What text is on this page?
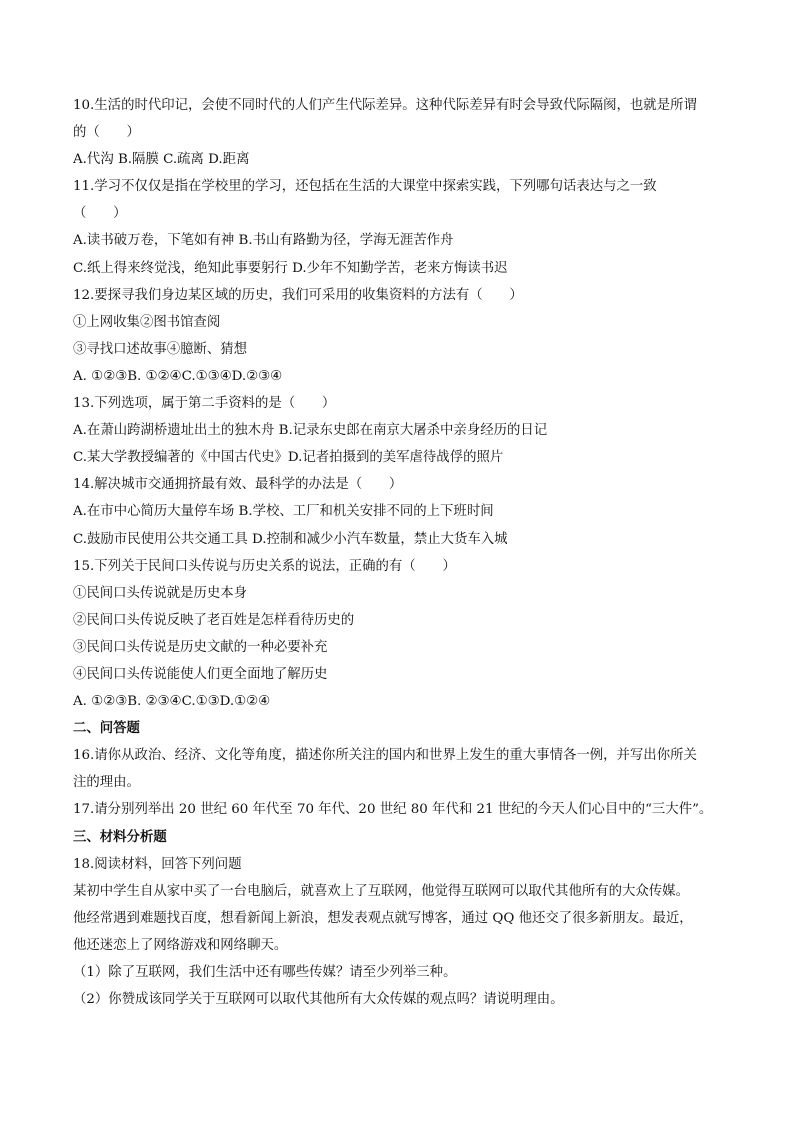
10.生活的时代印记，会使不同时代的人们产生代际差异。这种代际差异有时会导致代际隔阂，也就是所谓
的（　　）
A.代沟 B.隔膜 C.疏离 D.距离
11.学习不仅仅是指在学校里的学习，还包括在生活的大课堂中探索实践，下列哪句话表达与之一致
（　　）
A.读书破万卷，下笔如有神 B.书山有路勤为径，学海无涯苦作舟
C.纸上得来终觉浅，绝知此事要躬行 D.少年不知勤学苦，老来方悔读书迟
12.要探寻我们身边某区域的历史，我们可采用的收集资料的方法有（　　）
①上网收集②图书馆查阅
③寻找口述故事④臆断、猜想
A. ①②③B. ①②④C.①③④D.②③④
13.下列选项，属于第二手资料的是（　　）
A.在萧山跨湖桥遗址出土的独木舟 B.记录东史郎在南京大屠杀中亲身经历的日记
C.某大学教授编著的《中国古代史》D.记者拍摄到的美军虐待战俘的照片
14.解决城市交通拥挤最有效、最科学的办法是（　　）
A.在市中心简历大量停车场 B.学校、工厂和机关安排不同的上下班时间
C.鼓励市民使用公共交通工具 D.控制和减少小汽车数量，禁止大货车入城
15.下列关于民间口头传说与历史关系的说法，正确的有（　　）
①民间口头传说就是历史本身
②民间口头传说反映了老百姓是怎样看待历史的
③民间口头传说是历史文献的一种必要补充
④民间口头传说能使人们更全面地了解历史
A. ①②③B. ②③④C.①③D.①②④
二、问答题
16.请你从政治、经济、文化等角度，描述你所关注的国内和世界上发生的重大事情各一例，并写出你所关
注的理由。
17.请分别列举出 20 世纪 60 年代至 70 年代、20 世纪 80 年代和 21 世纪的今天人们心目中的“三大件”。
三、材料分析题
18.阅读材料，回答下列问题
某初中学生自从家中买了一台电脑后，就喜欢上了互联网，他觉得互联网可以取代其他所有的大众传媒。
他经常遇到难题找百度，想看新闻上新浪，想发表观点就写博客，通过 QQ 他还交了很多新朋友。最近，
他还迷恋上了网络游戏和网络聊天。
（1）除了互联网，我们生活中还有哪些传媒？请至少列举三种。
（2）你赞成该同学关于互联网可以取代其他所有大众传媒的观点吗？请说明理由。
